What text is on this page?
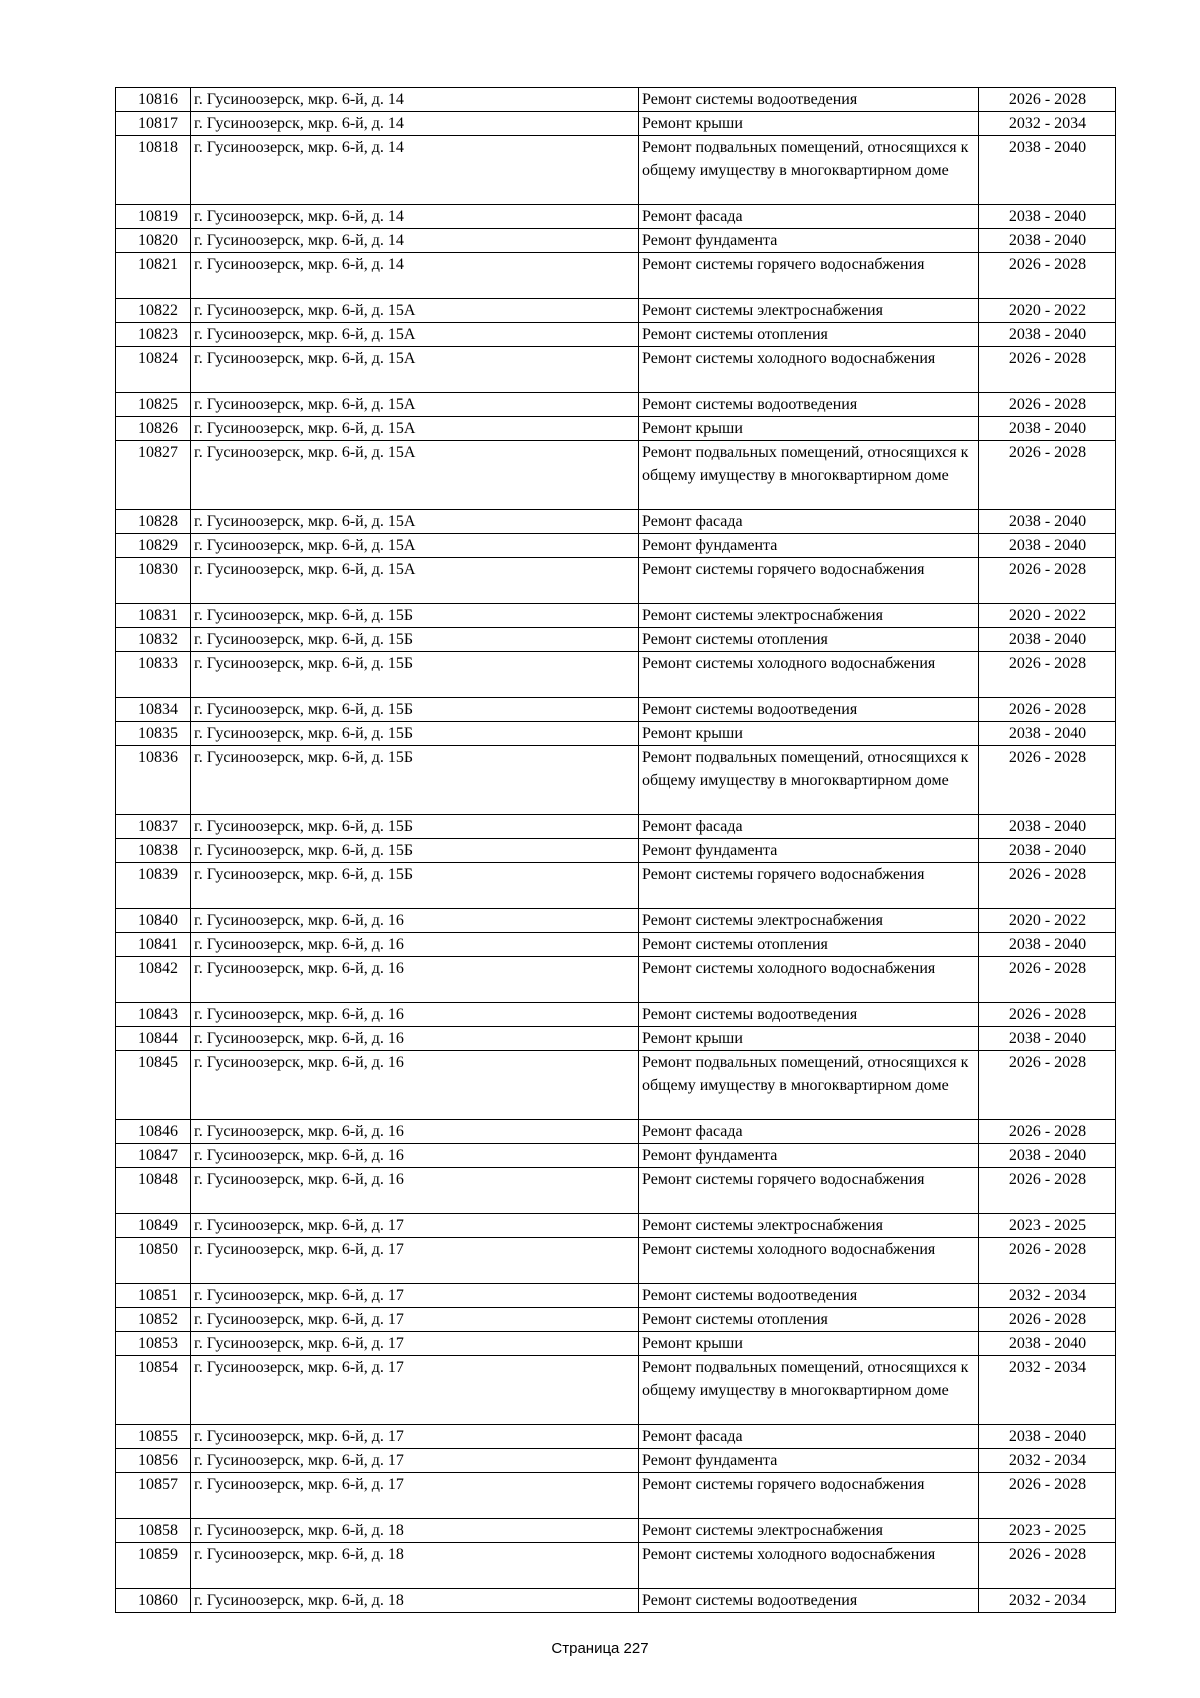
10816	г. Гусиноозерск, мкр. 6-й, д. 14	Ремонт системы водоотведения	2026 - 2028
10817	г. Гусиноозерск, мкр. 6-й, д. 14	Ремонт крыши	2032 - 2034
10818	г. Гусиноозерск, мкр. 6-й, д. 14	Ремонт подвальных помещений, относящихся к общему имуществу в многоквартирном доме	2038 - 2040
10819	г. Гусиноозерск, мкр. 6-й, д. 14	Ремонт фасада	2038 - 2040
10820	г. Гусиноозерск, мкр. 6-й, д. 14	Ремонт фундамента	2038 - 2040
10821	г. Гусиноозерск, мкр. 6-й, д. 14	Ремонт системы горячего водоснабжения	2026 - 2028
10822	г. Гусиноозерск, мкр. 6-й, д. 15А	Ремонт системы электроснабжения	2020 - 2022
10823	г. Гусиноозерск, мкр. 6-й, д. 15А	Ремонт системы отопления	2038 - 2040
10824	г. Гусиноозерск, мкр. 6-й, д. 15А	Ремонт системы холодного водоснабжения	2026 - 2028
10825	г. Гусиноозерск, мкр. 6-й, д. 15А	Ремонт системы водоотведения	2026 - 2028
10826	г. Гусиноозерск, мкр. 6-й, д. 15А	Ремонт крыши	2038 - 2040
10827	г. Гусиноозерск, мкр. 6-й, д. 15А	Ремонт подвальных помещений, относящихся к общему имуществу в многоквартирном доме	2026 - 2028
10828	г. Гусиноозерск, мкр. 6-й, д. 15А	Ремонт фасада	2038 - 2040
10829	г. Гусиноозерск, мкр. 6-й, д. 15А	Ремонт фундамента	2038 - 2040
10830	г. Гусиноозерск, мкр. 6-й, д. 15А	Ремонт системы горячего водоснабжения	2026 - 2028
10831	г. Гусиноозерск, мкр. 6-й, д. 15Б	Ремонт системы электроснабжения	2020 - 2022
10832	г. Гусиноозерск, мкр. 6-й, д. 15Б	Ремонт системы отопления	2038 - 2040
10833	г. Гусиноозерск, мкр. 6-й, д. 15Б	Ремонт системы холодного водоснабжения	2026 - 2028
10834	г. Гусиноозерск, мкр. 6-й, д. 15Б	Ремонт системы водоотведения	2026 - 2028
10835	г. Гусиноозерск, мкр. 6-й, д. 15Б	Ремонт крыши	2038 - 2040
10836	г. Гусиноозерск, мкр. 6-й, д. 15Б	Ремонт подвальных помещений, относящихся к общему имуществу в многоквартирном доме	2026 - 2028
10837	г. Гусиноозерск, мкр. 6-й, д. 15Б	Ремонт фасада	2038 - 2040
10838	г. Гусиноозерск, мкр. 6-й, д. 15Б	Ремонт фундамента	2038 - 2040
10839	г. Гусиноозерск, мкр. 6-й, д. 15Б	Ремонт системы горячего водоснабжения	2026 - 2028
10840	г. Гусиноозерск, мкр. 6-й, д. 16	Ремонт системы электроснабжения	2020 - 2022
10841	г. Гусиноозерск, мкр. 6-й, д. 16	Ремонт системы отопления	2038 - 2040
10842	г. Гусиноозерск, мкр. 6-й, д. 16	Ремонт системы холодного водоснабжения	2026 - 2028
10843	г. Гусиноозерск, мкр. 6-й, д. 16	Ремонт системы водоотведения	2026 - 2028
10844	г. Гусиноозерск, мкр. 6-й, д. 16	Ремонт крыши	2038 - 2040
10845	г. Гусиноозерск, мкр. 6-й, д. 16	Ремонт подвальных помещений, относящихся к общему имуществу в многоквартирном доме	2026 - 2028
10846	г. Гусиноозерск, мкр. 6-й, д. 16	Ремонт фасада	2026 - 2028
10847	г. Гусиноозерск, мкр. 6-й, д. 16	Ремонт фундамента	2038 - 2040
10848	г. Гусиноозерск, мкр. 6-й, д. 16	Ремонт системы горячего водоснабжения	2026 - 2028
10849	г. Гусиноозерск, мкр. 6-й, д. 17	Ремонт системы электроснабжения	2023 - 2025
10850	г. Гусиноозерск, мкр. 6-й, д. 17	Ремонт системы холодного водоснабжения	2026 - 2028
10851	г. Гусиноозерск, мкр. 6-й, д. 17	Ремонт системы водоотведения	2032 - 2034
10852	г. Гусиноозерск, мкр. 6-й, д. 17	Ремонт системы отопления	2026 - 2028
10853	г. Гусиноозерск, мкр. 6-й, д. 17	Ремонт крыши	2038 - 2040
10854	г. Гусиноозерск, мкр. 6-й, д. 17	Ремонт подвальных помещений, относящихся к общему имуществу в многоквартирном доме	2032 - 2034
10855	г. Гусиноозерск, мкр. 6-й, д. 17	Ремонт фасада	2038 - 2040
10856	г. Гусиноозерск, мкр. 6-й, д. 17	Ремонт фундамента	2032 - 2034
10857	г. Гусиноозерск, мкр. 6-й, д. 17	Ремонт системы горячего водоснабжения	2026 - 2028
10858	г. Гусиноозерск, мкр. 6-й, д. 18	Ремонт системы электроснабжения	2023 - 2025
10859	г. Гусиноозерск, мкр. 6-й, д. 18	Ремонт системы холодного водоснабжения	2026 - 2028
10860	г. Гусиноозерск, мкр. 6-й, д. 18	Ремонт системы водоотведения	2032 - 2034
Страница 227
